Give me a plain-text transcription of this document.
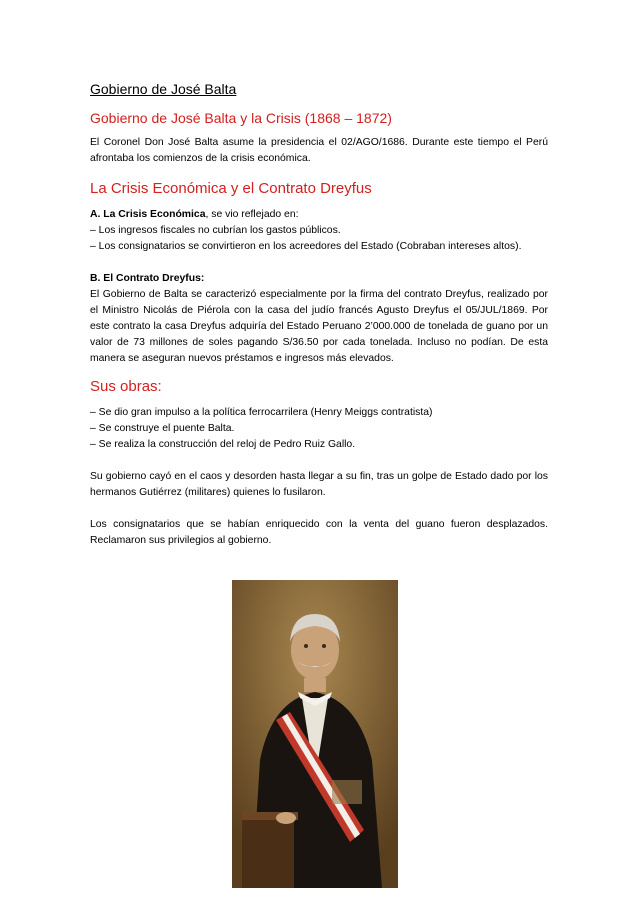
Gobierno de José Balta
Gobierno de José Balta y la Crisis (1868 – 1872)

El Coronel Don José Balta asume la presidencia el 02/AGO/1686. Durante este tiempo el Perú afrontaba los comienzos de la crisis económica.

La Crisis Económica y el Contrato Dreyfus

A. La Crisis Económica, se vio reflejado en:

– Los ingresos fiscales no cubrían los gastos públicos.
– Los consignatarios se convirtieron en los acreedores del Estado (Cobraban intereses altos).

B. El Contrato Dreyfus:

El Gobierno de Balta se caracterizó especialmente por la firma del contrato Dreyfus, realizado por el Ministro Nicolás de Piérola con la casa del judío francés Agusto Dreyfus el 05/JUL/1869. Por este contrato la casa Dreyfus adquiría del Estado Peruano 2’000.000 de tonelada de guano por un valor de 73 millones de soles pagando S/36.50 por cada tonelada. Incluso no podían. De esta manera se aseguran nuevos préstamos e ingresos más elevados.

Sus obras:
– Se dio gran impulso a la política ferrocarrilera (Henry Meiggs contratista)
– Se construye el puente Balta.
– Se realiza la construcción del reloj de Pedro Ruiz Gallo.

Su gobierno cayó en el caos y desorden hasta llegar a su fin, tras un golpe de Estado dado por los hermanos Gutiérrez (militares) quienes lo fusilaron.

Los consignatarios que se habían enriquecido con la venta del guano fueron desplazados. Reclamaron sus privilegios al gobierno.
